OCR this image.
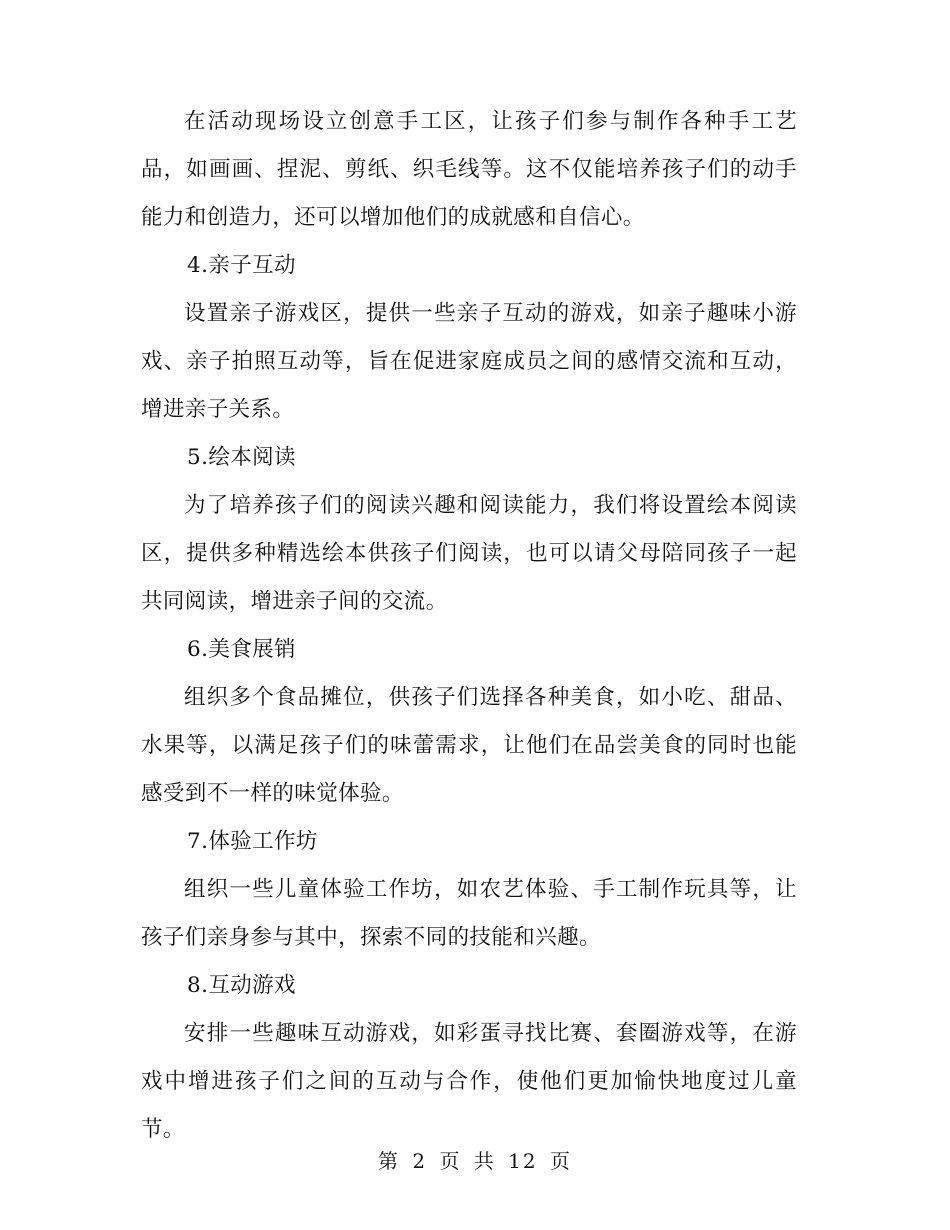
在活动现场设立创意手工区，让孩子们参与制作各种手工艺品，如画画、捏泥、剪纸、织毛线等。这不仅能培养孩子们的动手能力和创造力，还可以增加他们的成就感和自信心。

4.亲子互动

设置亲子游戏区，提供一些亲子互动的游戏，如亲子趣味小游戏、亲子拍照互动等，旨在促进家庭成员之间的感情交流和互动，增进亲子关系。

5.绘本阅读

为了培养孩子们的阅读兴趣和阅读能力，我们将设置绘本阅读区，提供多种精选绘本供孩子们阅读，也可以请父母陪同孩子一起共同阅读，增进亲子间的交流。

6.美食展销

组织多个食品摊位，供孩子们选择各种美食，如小吃、甜品、水果等，以满足孩子们的味蕾需求，让他们在品尝美食的同时也能感受到不一样的味觉体验。

7.体验工作坊

组织一些儿童体验工作坊，如农艺体验、手工制作玩具等，让孩子们亲身参与其中，探索不同的技能和兴趣。

8.互动游戏

安排一些趣味互动游戏，如彩蛋寻找比赛、套圈游戏等，在游戏中增进孩子们之间的互动与合作，使他们更加愉快地度过儿童节。

第 2 页 共 12 页
